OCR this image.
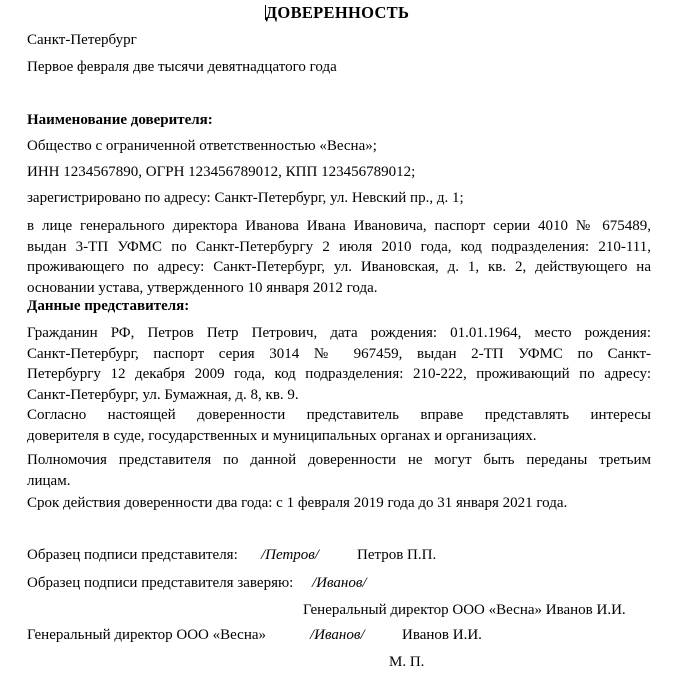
ДОВЕРЕННОСТЬ
Санкт-Петербург
Первое февраля две тысячи девятнадцатого года
Наименование доверителя:
Общество с ограниченной ответственностью «Весна»;
ИНН 1234567890, ОГРН 123456789012, КПП 123456789012;
зарегистрировано по адресу: Санкт-Петербург, ул. Невский пр., д. 1;
в лице генерального директора Иванова Ивана Ивановича, паспорт серии 4010 № 675489,
выдан 3-ТП УФМС по Санкт-Петербургу 2 июля 2010 года, код подразделения: 210-111,
проживающего по адресу: Санкт-Петербург, ул. Ивановская, д. 1, кв. 2, действующего на
основании устава, утвержденного 10 января 2012 года.
Данные представителя:
Гражданин РФ, Петров Петр Петрович, дата рождения: 01.01.1964, место рождения:
Санкт-Петербург, паспорт серия 3014 № 967459, выдан 2-ТП УФМС по Санкт-
Петербургу 12 декабря 2009 года, код подразделения: 210-222, проживающий по адресу:
Санкт-Петербург, ул. Бумажная, д. 8, кв. 9.
Согласно настоящей доверенности представитель вправе представлять интересы
доверителя в суде, государственных и муниципальных органах и организациях.
Полномочия представителя по данной доверенности не могут быть переданы третьим
лицам.
Срок действия доверенности два года: с 1 февраля 2019 года до 31 января 2021 года.
Образец подписи представителя: /Петров/	Петров П.П.
Образец подписи представителя заверяю: /Иванов/
Генеральный директор ООО «Весна» Иванов И.И.
Генеральный директор ООО «Весна»	/Иванов/ Иванов И.И.
М. П.
